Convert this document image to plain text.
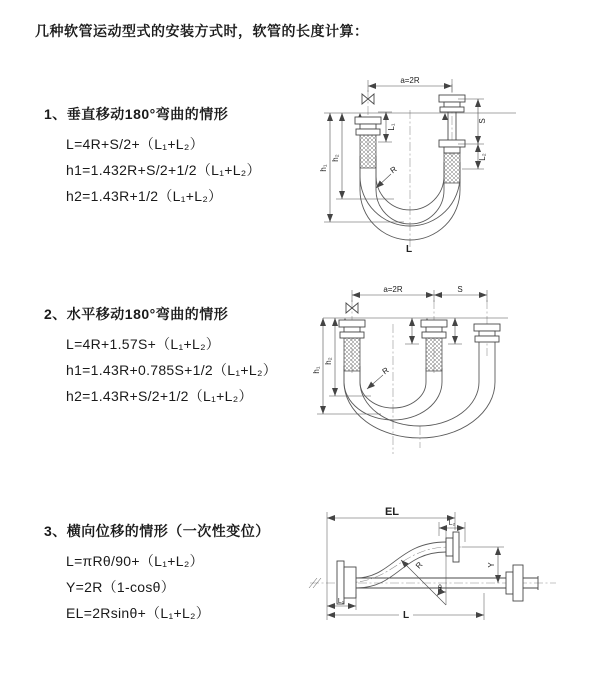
几种软管运动型式的安装方式时，软管的长度计算：
1、垂直移动180°弯曲的情形
L=4R+S/2+（L₁+L₂）
h1=1.432R+S/2+1/2（L₁+L₂）
h2=1.43R+1/2（L₁+L₂）
2、水平移动180°弯曲的情形
L=4R+1.57S+（L₁+L₂）
h1=1.43R+0.785S+1/2（L₁+L₂）
h2=1.43R+S/2+1/2（L₁+L₂）
3、横向位移的情形（一次性变位）
L=πRθ/90+（L₁+L₂）
Y=2R（1-cosθ）
EL=2Rsinθ+（L₁+L₂）
a=2R
L₁
S
L₂
h₁
h₂
R
L
a=2R	S
h₁
h₂
R
R
θ
EL
L₂
Y
L₁
L
